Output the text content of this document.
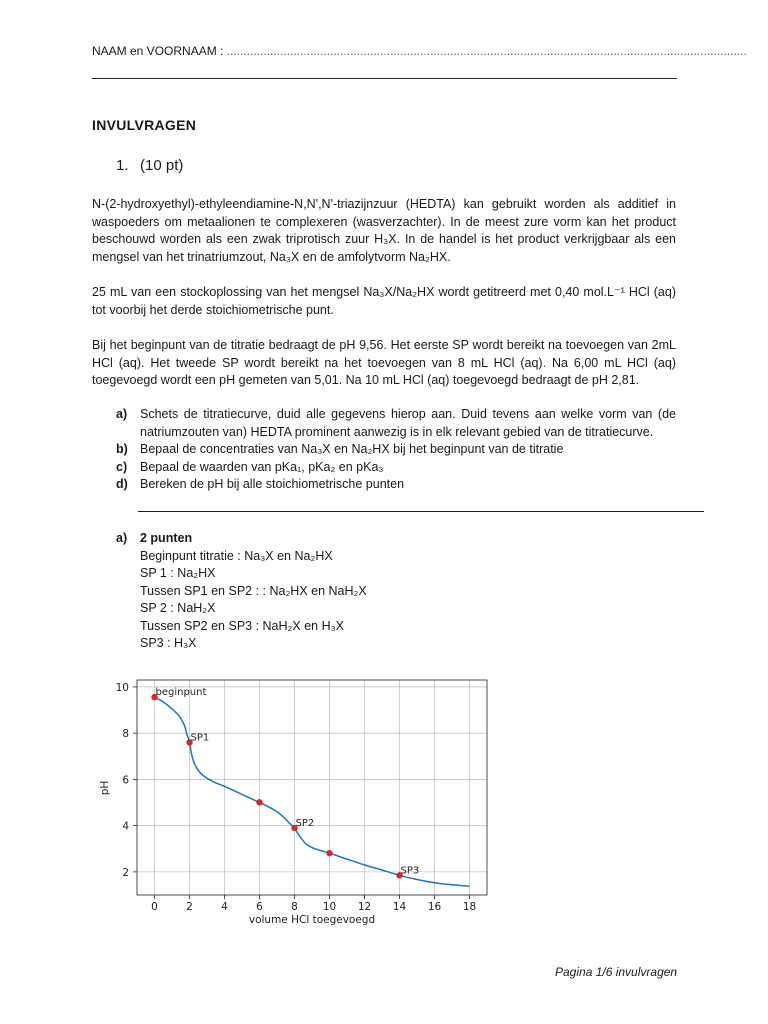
NAAM en VOORNAAM : ............................................................................................................................................................
INVULVRAGEN
1. (10 pt)
N-(2-hydroxyethyl)-ethyleendiamine-N,N',N'-triazijnzuur (HEDTA) kan gebruikt worden als additief in waspoeders om metaalionen te complexeren (wasverzachter). In de meest zure vorm kan het product beschouwd worden als een zwak triprotisch zuur H₃X. In de handel is het product verkrijgbaar als een mengsel van het trinatriumzout, Na₃X en de amfolytvorm Na₂HX.
25 mL van een stockoplossing van het mengsel Na₃X/Na₂HX wordt getitreerd met 0,40 mol.L⁻¹ HCl (aq) tot voorbij het derde stoichiometrische punt.
Bij het beginpunt van de titratie bedraagt de pH 9,56. Het eerste SP wordt bereikt na toevoegen van 2mL HCl (aq). Het tweede SP wordt bereikt na het toevoegen van 8 mL HCl (aq). Na 6,00 mL HCl (aq) toegevoegd wordt een pH gemeten van 5,01. Na 10 mL HCl (aq) toegevoegd bedraagt de pH 2,81.
a) Schets de titratiecurve, duid alle gegevens hierop aan. Duid tevens aan welke vorm van (de natriumzouten van) HEDTA prominent aanwezig is in elk relevant gebied van de titratiecurve.
b) Bepaal de concentraties van Na₃X en Na₂HX bij het beginpunt van de titratie
c) Bepaal de waarden van pKa₁, pKa₂ en pKa₃
d) Bereken de pH bij alle stoichiometrische punten
a) 2 punten
Beginpunt titratie : Na₃X en Na₂HX
SP 1 : Na₂HX
Tussen SP1 en SP2 : : Na₂HX en NaH₂X
SP 2 : NaH₂X
Tussen SP2 en SP3 : NaH₂X en H₃X
SP3 : H₃X
0	2	4	6	8 10 12 14 16 18
2
4
6
8
10	beginpunt
SP1
SP2
SP3
volume HCl toegevoegd
pH
Pagina 1/6 invulvragen
